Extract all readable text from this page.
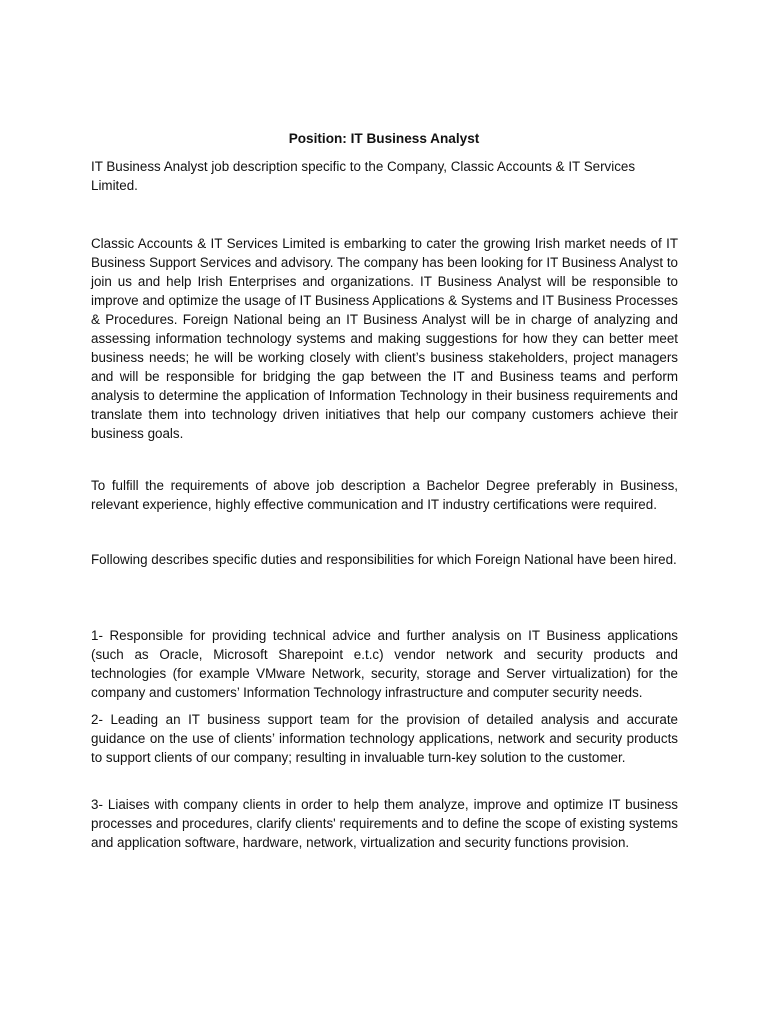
Position: IT Business Analyst

IT Business Analyst job description specific to the Company, Classic Accounts & IT Services Limited.

Classic Accounts & IT Services Limited is embarking to cater the growing Irish market needs of IT Business Support Services and advisory. The company has been looking for IT Business Analyst to join us and help Irish Enterprises and organizations. IT Business Analyst will be responsible to improve and optimize the usage of IT Business Applications & Systems and IT Business Processes & Procedures. Foreign National being an IT Business Analyst will be in charge of analyzing and assessing information technology systems and making suggestions for how they can better meet business needs; he will be working closely with client’s business stakeholders, project managers and will be responsible for bridging the gap between the IT and Business teams and perform analysis to determine the application of Information Technology in their business requirements and translate them into technology driven initiatives that help our company customers achieve their business goals.

To fulfill the requirements of above job description a Bachelor Degree preferably in Business, relevant experience, highly effective communication and IT industry certifications were required.

Following describes specific duties and responsibilities for which Foreign National have been hired.

1- Responsible for providing technical advice and further analysis on IT Business applications (such as Oracle, Microsoft Sharepoint e.t.c) vendor network and security products and technologies (for example VMware Network, security, storage and Server virtualization) for the company and customers’ Information Technology infrastructure and computer security needs.

2- Leading an IT business support team for the provision of detailed analysis and accurate guidance on the use of clients’ information technology applications, network and security products to support clients of our company; resulting in invaluable turn-key solution to the customer.

3- Liaises with company clients in order to help them analyze, improve and optimize IT business processes and procedures, clarify clients' requirements and to define the scope of existing systems and application software, hardware, network, virtualization and security functions provision.
